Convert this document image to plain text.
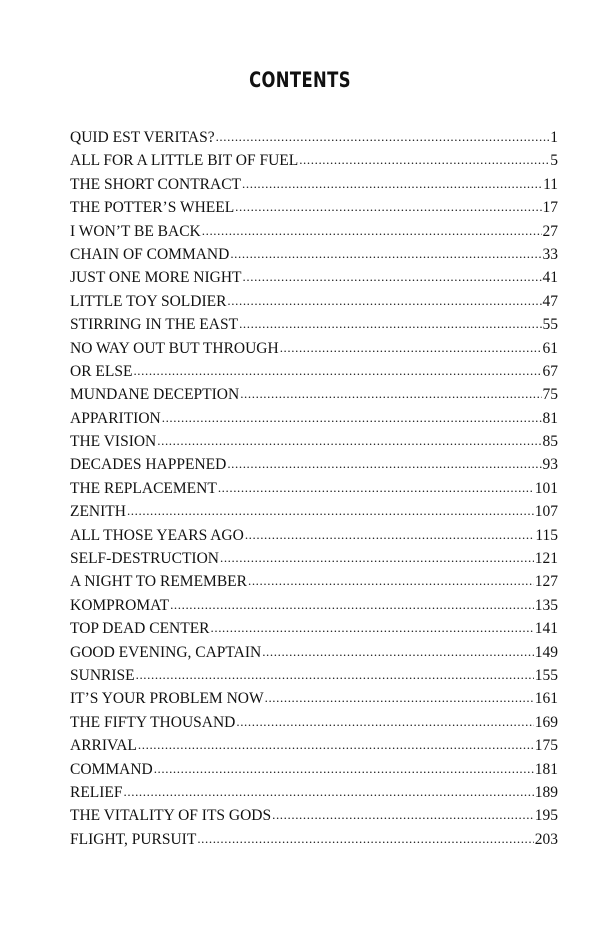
CONTENTS
QUID EST VERITAS? .....	1
ALL FOR A LITTLE BIT OF FUEL .....	5
THE SHORT CONTRACT .....	11
THE POTTER’S WHEEL .....	17
I WON’T BE BACK .....	27
CHAIN OF COMMAND .....	33
JUST ONE MORE NIGHT .....	41
LITTLE TOY SOLDIER .....	47
STIRRING IN THE EAST .....	55
NO WAY OUT BUT THROUGH .....	61
OR ELSE .....	67
MUNDANE DECEPTION .....	75
APPARITION .....	81
THE VISION .....	85
DECADES HAPPENED .....	93
THE REPLACEMENT .....	101
ZENITH .....	107
ALL THOSE YEARS AGO .....	115
SELF-DESTRUCTION .....	121
A NIGHT TO REMEMBER .....	127
KOMPROMAT .....	135
TOP DEAD CENTER .....	141
GOOD EVENING, CAPTAIN .....	149
SUNRISE .....	155
IT’S YOUR PROBLEM NOW .....	161
THE FIFTY THOUSAND .....	169
ARRIVAL .....	175
COMMAND .....	181
RELIEF .....	189
THE VITALITY OF ITS GODS .....	195
FLIGHT, PURSUIT .....	203
